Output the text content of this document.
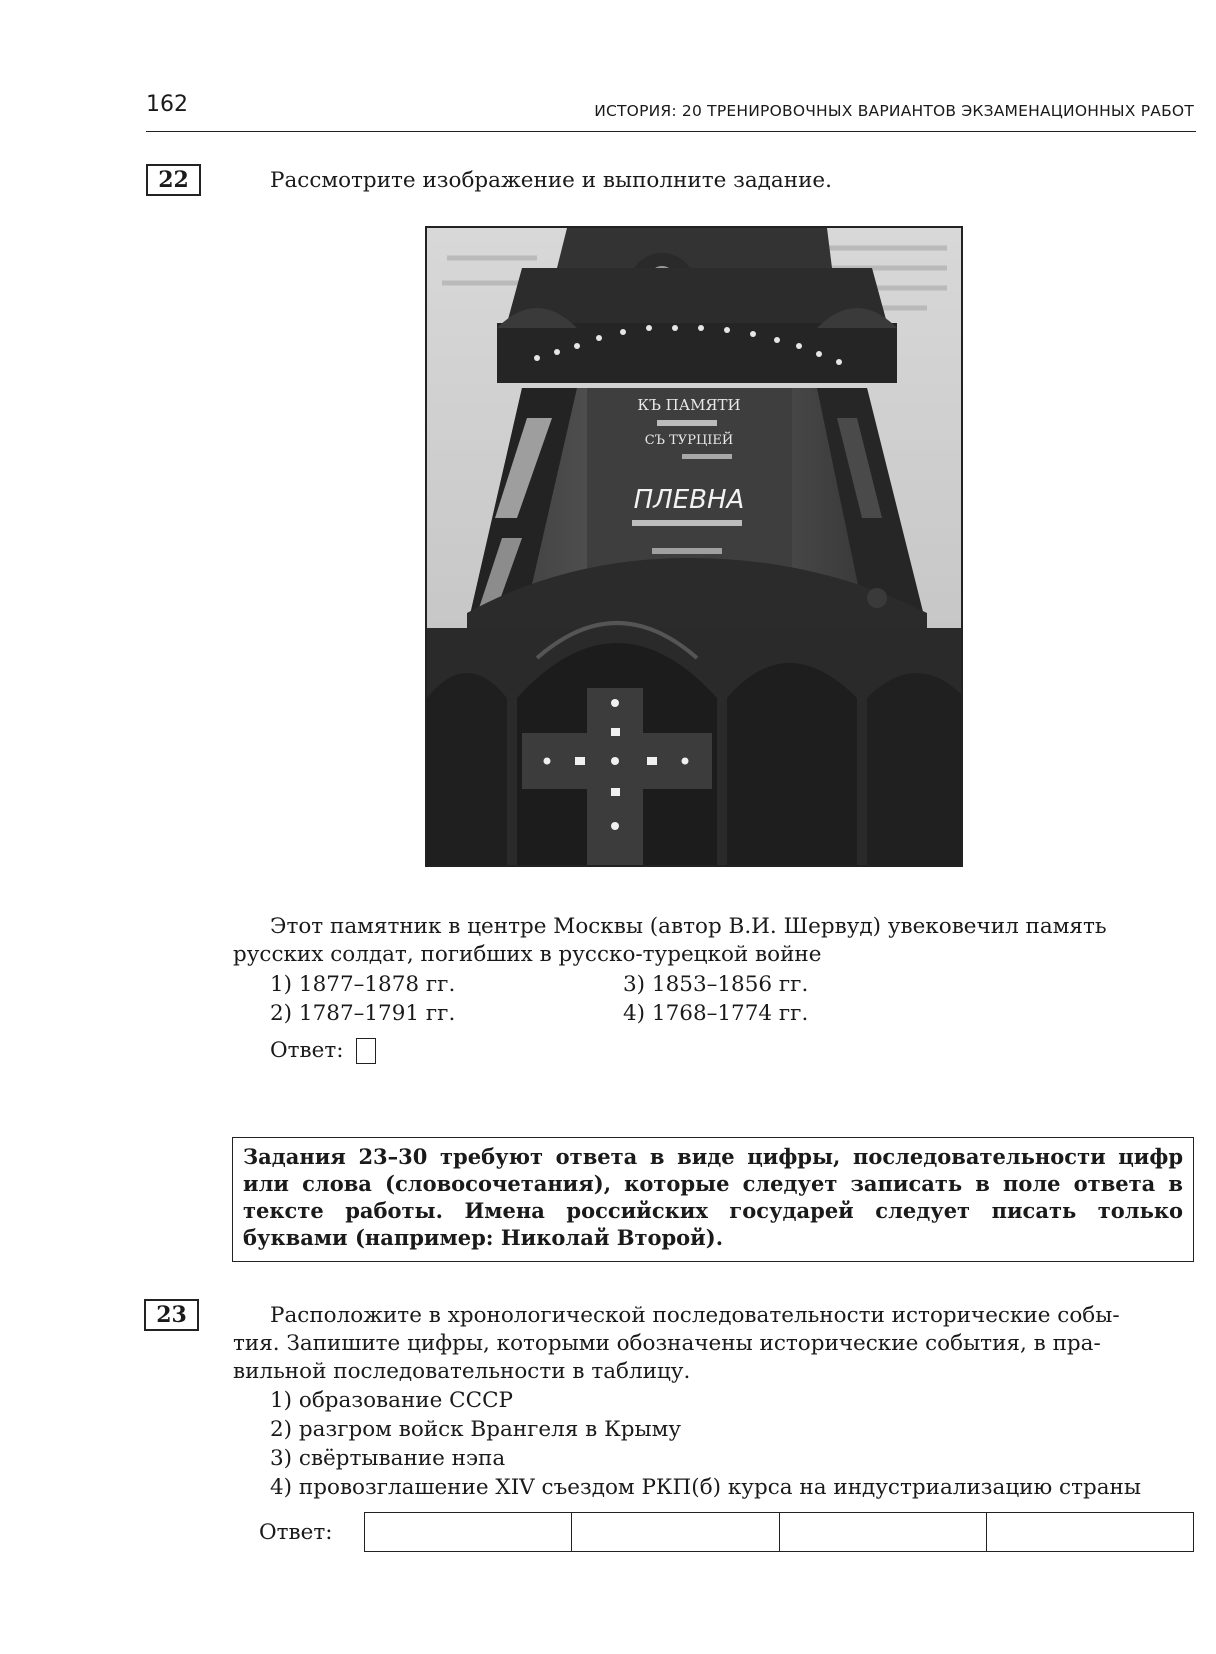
162	ИСТОРИЯ: 20 ТРЕНИРОВОЧНЫХ ВАРИАНТОВ ЭКЗАМЕНАЦИОННЫХ РАБОТ
22	Рассмотрите изображение и выполните задание.
КЪ ПАМЯТИ
СЪ ТУРЦІЕЙ
ПЛЕВНА
Этот памятник в центре Москвы (автор В.И. Шервуд) увековечил память
русских солдат, погибших в русско-турецкой войне
1) 1877–1878 гг.
2) 1787–1791 гг.
3) 1853–1856 гг.
4) 1768–1774 гг.
Ответ:
Задания 23–30 требуют ответа в виде цифры, последовательности цифр или слова (словосочетания), которые следует записать в поле ответа в тексте работы. Имена российских государей следует писать только буквами (например: Николай Второй).
23	Расположите в хронологической последовательности исторические собы-
тия. Запишите цифры, которыми обозначены исторические события, в пра-
вильной последовательности в таблицу.
1) образование СССР
2) разгром войск Врангеля в Крыму
3) свёртывание нэпа
4) провозглашение XIV съездом РКП(б) курса на индустриализацию страны
Ответ:
